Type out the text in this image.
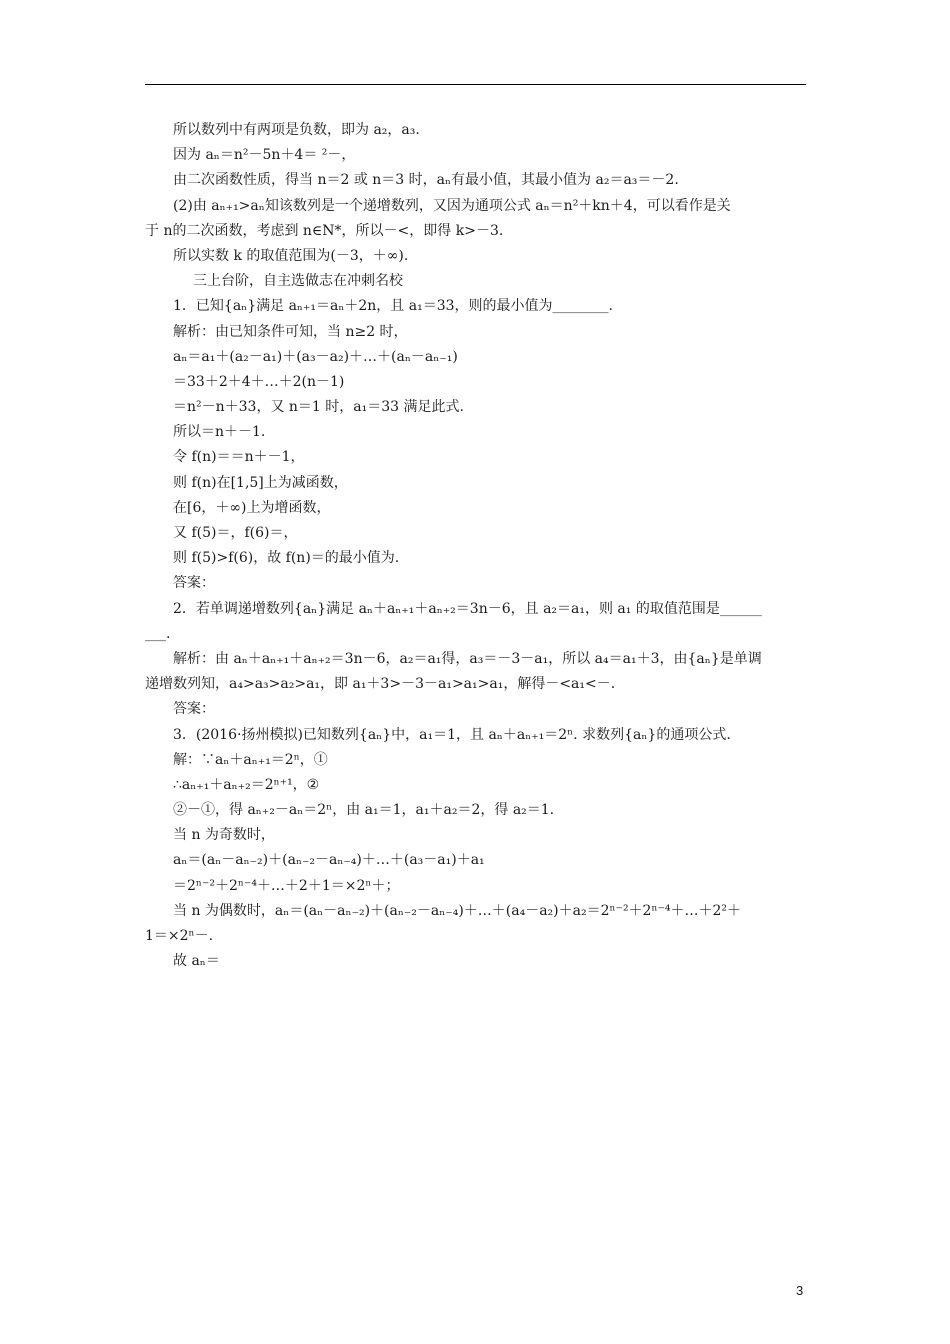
所以数列中有两项是负数，即为 a₂，a₃.
因为 aₙ＝n²－5n＋4＝ ²－，
由二次函数性质，得当 n＝2 或 n＝3 时，aₙ有最小值，其最小值为 a₂＝a₃＝－2.
(2)由 aₙ₊₁>aₙ知该数列是一个递增数列，又因为通项公式 aₙ＝n²＋kn＋4，可以看作是关
于 n的二次函数，考虑到 n∈N*，所以－<，即得 k>－3.
所以实数 k 的取值范围为(－3，＋∞).
三上台阶，自主选做志在冲刺名校
1．已知{aₙ}满足 aₙ₊₁＝aₙ＋2n，且 a₁＝33，则的最小值为________.
解析：由已知条件可知，当 n≥2 时，
aₙ＝a₁＋(a₂－a₁)＋(a₃－a₂)＋…＋(aₙ－aₙ₋₁)
＝33＋2＋4＋…＋2(n－1)
＝n²－n＋33，又 n＝1 时，a₁＝33 满足此式.
所以＝n＋－1.
令 f(n)＝＝n＋－1，
则 f(n)在[1,5]上为减函数，
在[6，＋∞)上为增函数，
又 f(5)＝，f(6)＝，
则 f(5)>f(6)，故 f(n)＝的最小值为.
答案：
2．若单调递增数列{aₙ}满足 aₙ＋aₙ₊₁＋aₙ₊₂＝3n－6，且 a₂＝a₁，则 a₁ 的取值范围是______
___.
解析：由 aₙ＋aₙ₊₁＋aₙ₊₂＝3n－6，a₂＝a₁得，a₃＝－3－a₁，所以 a₄＝a₁＋3，由{aₙ}是单调
递增数列知，a₄>a₃>a₂>a₁，即 a₁＋3>－3－a₁>a₁>a₁，解得－<a₁<－.
答案：
3．(2016·扬州模拟)已知数列{aₙ}中，a₁＝1，且 aₙ＋aₙ₊₁＝2ⁿ. 求数列{aₙ}的通项公式.
解：∵aₙ＋aₙ₊₁＝2ⁿ，①
∴aₙ₊₁＋aₙ₊₂＝2ⁿ⁺¹，②
②－①，得 aₙ₊₂－aₙ＝2ⁿ，由 a₁＝1，a₁＋a₂＝2，得 a₂＝1.
当 n 为奇数时，
aₙ＝(aₙ－aₙ₋₂)＋(aₙ₋₂－aₙ₋₄)＋…＋(a₃－a₁)＋a₁
＝2ⁿ⁻²＋2ⁿ⁻⁴＋…＋2＋1＝×2ⁿ＋；
当 n 为偶数时，aₙ＝(aₙ－aₙ₋₂)＋(aₙ₋₂－aₙ₋₄)＋…＋(a₄－a₂)＋a₂＝2ⁿ⁻²＋2ⁿ⁻⁴＋…＋2²＋
1＝×2ⁿ－.
故 aₙ＝
3
